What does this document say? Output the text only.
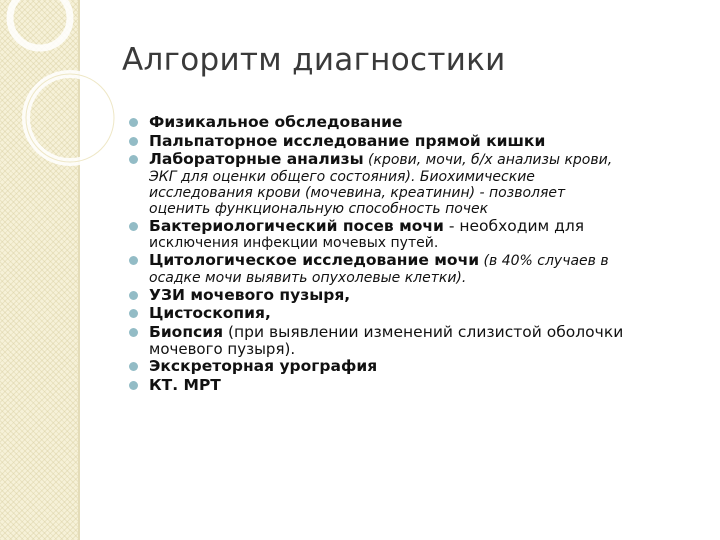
Алгоритм диагностики
Физикальное обследование
Пальпаторное исследование прямой кишки
Лабораторные анализы (крови, мочи, б/х анализы крови,
ЭКГ для оценки общего состояния). Биохимические
исследования крови (мочевина, креатинин) - позволяет
оценить функциональную способность почек
Бактериологический посев мочи - необходим для
исключения инфекции мочевых путей.
Цитологическое исследование мочи (в 40% случаев в
осадке мочи выявить опухолевые клетки).
УЗИ мочевого пузыря,
Цистоскопия,
Биопсия (при выявлении изменений слизистой оболочки
мочевого пузыря).
Экскреторная урография
КТ. МРТ
